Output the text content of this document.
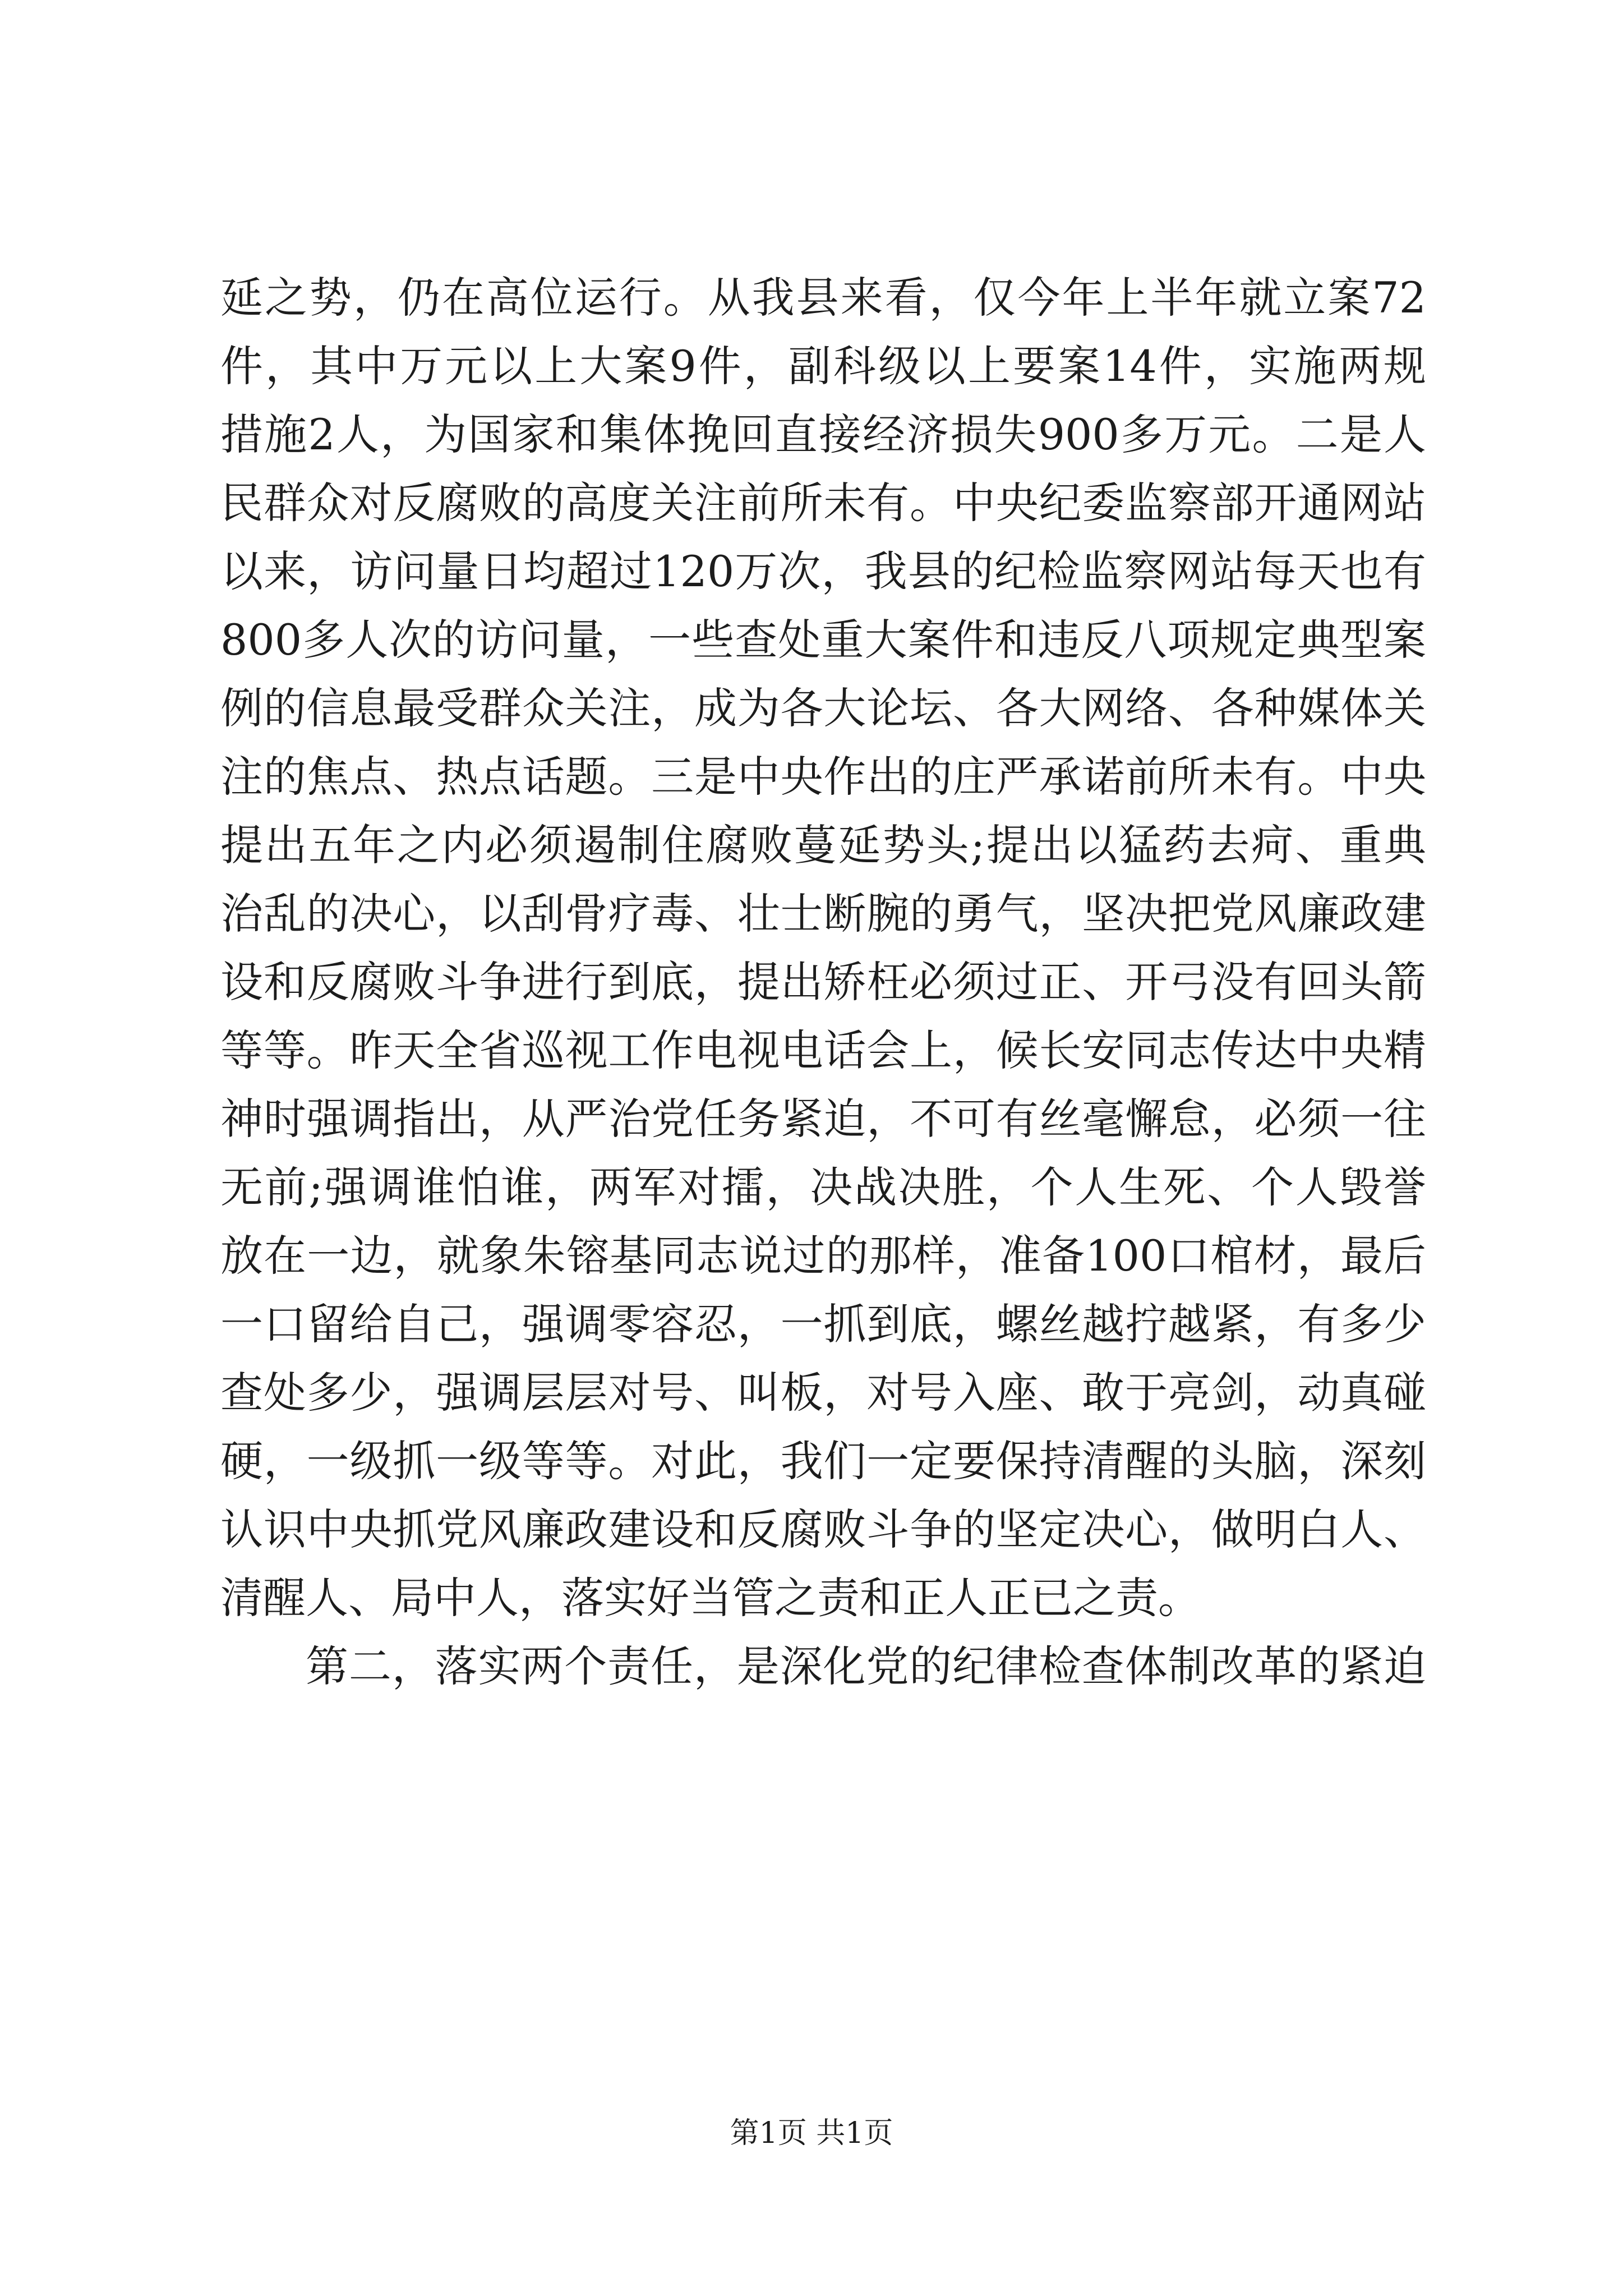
延之势，仍在高位运行。从我县来看，仅今年上半年就立案72
件，其中万元以上大案9件，副科级以上要案14件，实施两规
措施2人，为国家和集体挽回直接经济损失900多万元。二是人
民群众对反腐败的高度关注前所未有。中央纪委监察部开通网站
以来，访问量日均超过120万次，我县的纪检监察网站每天也有
800多人次的访问量，一些查处重大案件和违反八项规定典型案
例的信息最受群众关注，成为各大论坛、各大网络、各种媒体关
注的焦点、热点话题。三是中央作出的庄严承诺前所未有。中央
提出五年之内必须遏制住腐败蔓延势头;提出以猛药去疴、重典
治乱的决心，以刮骨疗毒、壮士断腕的勇气，坚决把党风廉政建
设和反腐败斗争进行到底，提出矫枉必须过正、开弓没有回头箭
等等。昨天全省巡视工作电视电话会上，候长安同志传达中央精
神时强调指出，从严治党任务紧迫，不可有丝毫懈怠，必须一往
无前;强调谁怕谁，两军对擂，决战决胜，个人生死、个人毁誉
放在一边，就象朱镕基同志说过的那样，准备100口棺材，最后
一口留给自己，强调零容忍，一抓到底，螺丝越拧越紧，有多少
查处多少，强调层层对号、叫板，对号入座、敢于亮剑，动真碰
硬，一级抓一级等等。对此，我们一定要保持清醒的头脑，深刻
认识中央抓党风廉政建设和反腐败斗争的坚定决心，做明白人、
清醒人、局中人，落实好当管之责和正人正已之责。
第二，落实两个责任，是深化党的纪律检查体制改革的紧迫
第1页 共1页
